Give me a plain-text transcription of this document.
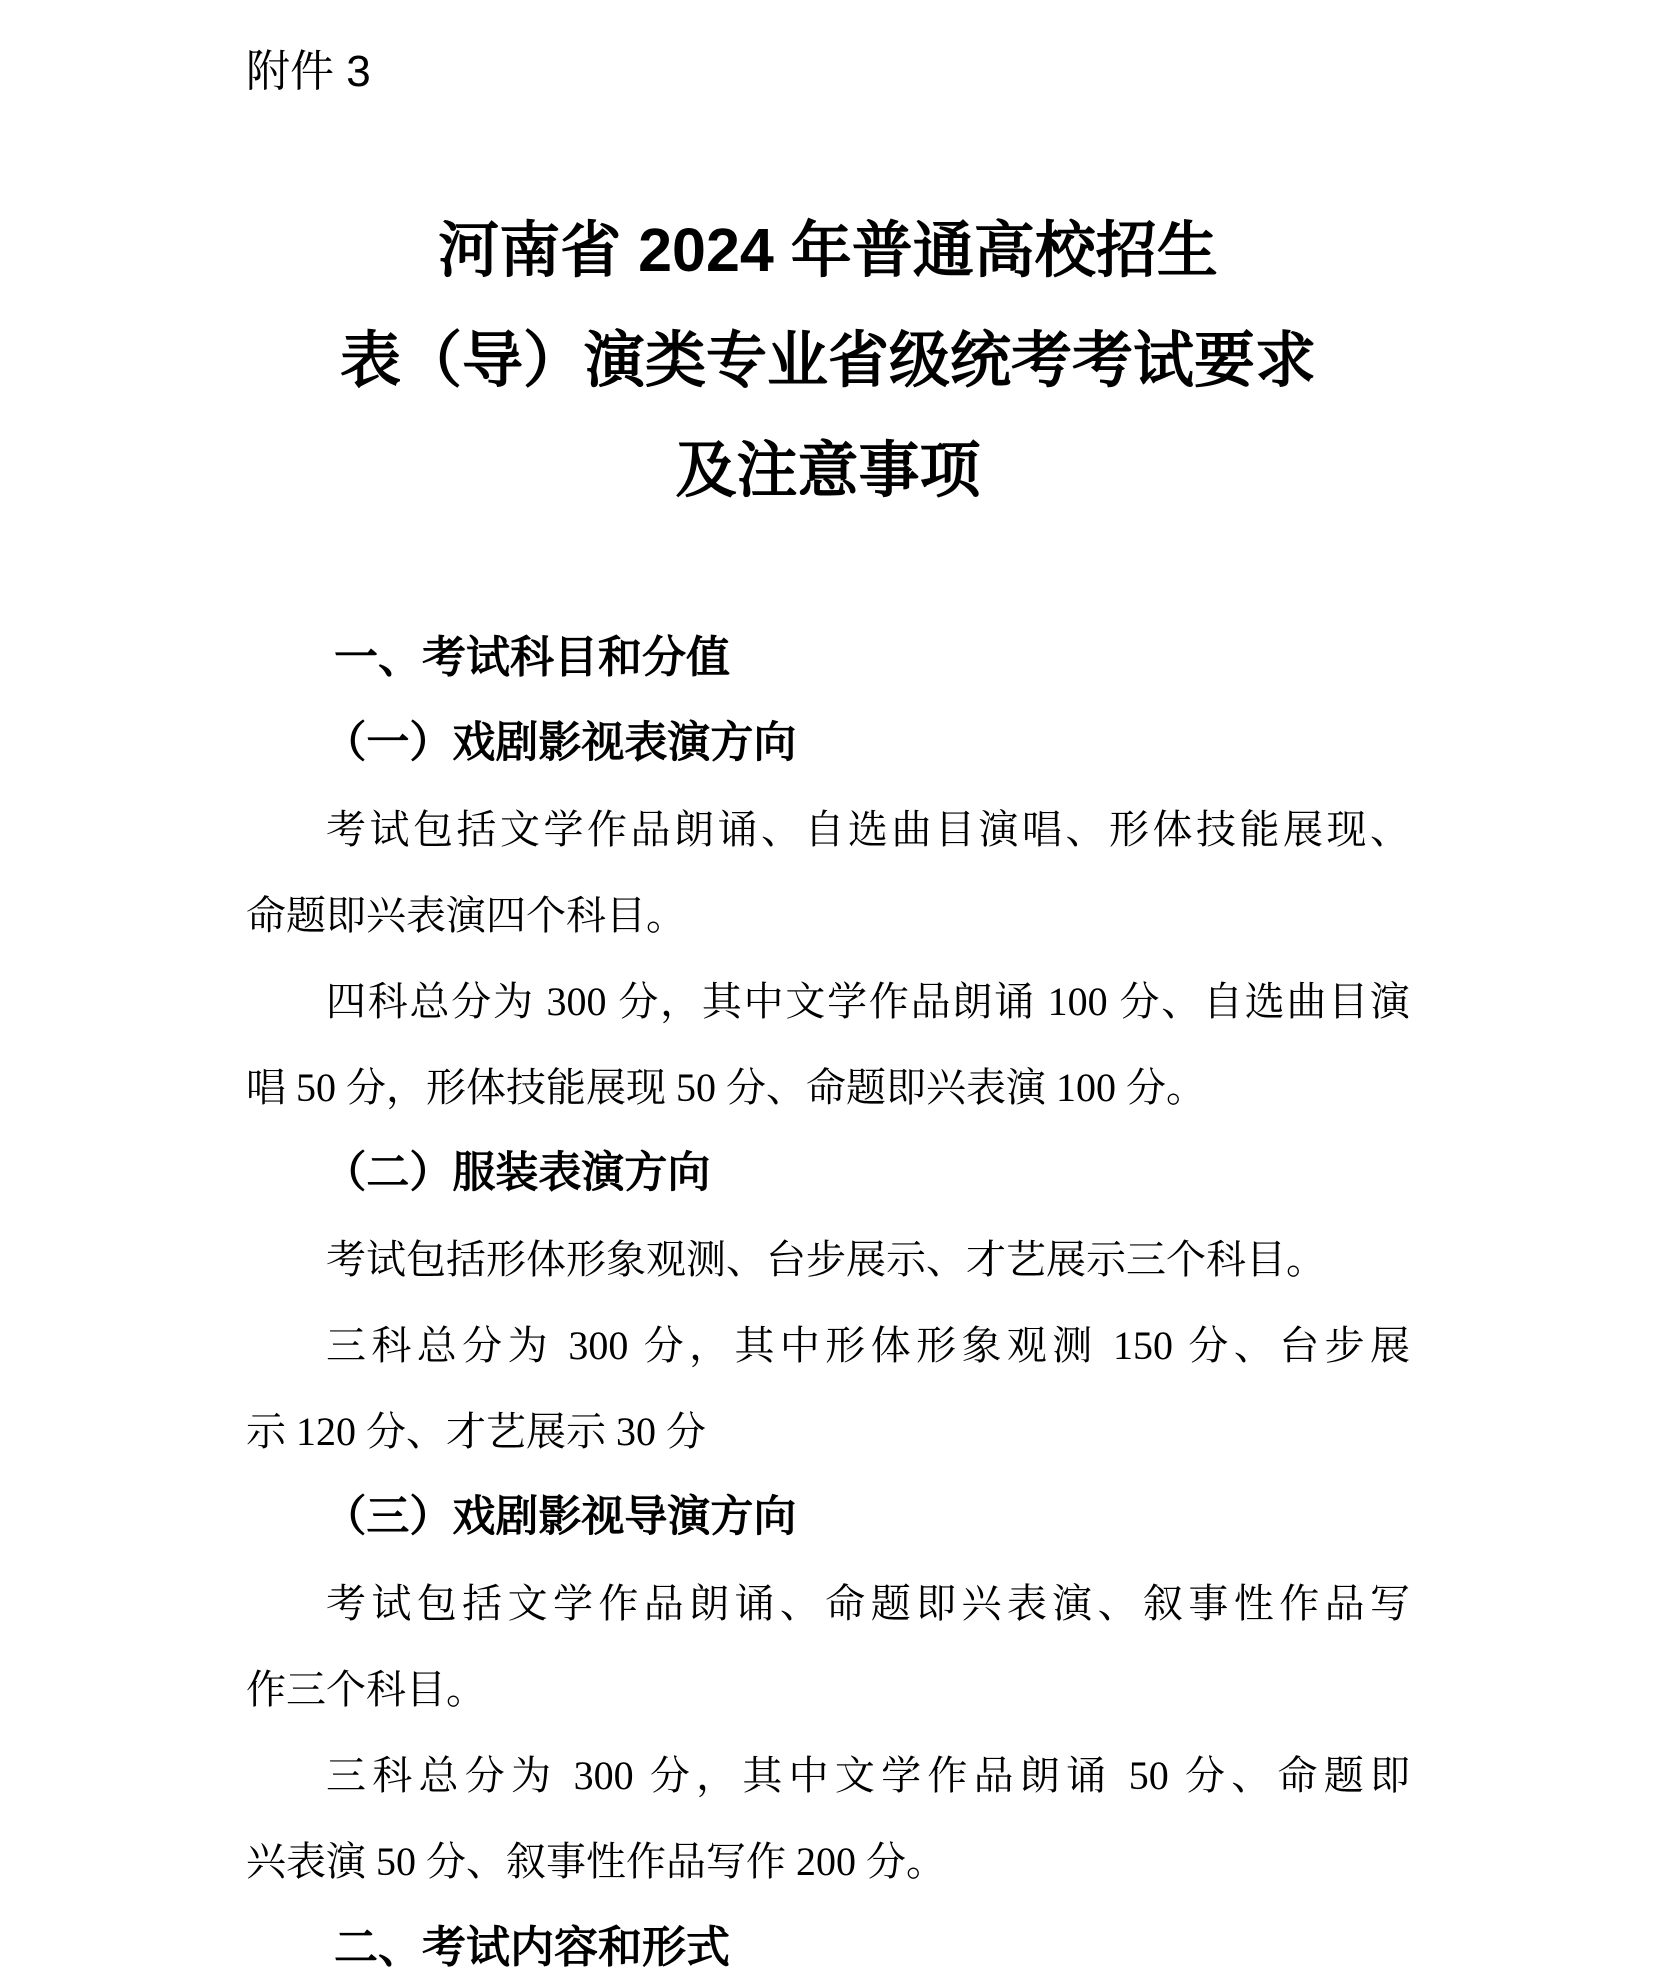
附件 3
河南省 2024 年普通高校招生
表（导）演类专业省级统考考试要求
及注意事项
一、考试科目和分值
（一）戏剧影视表演方向
考试包括文学作品朗诵、自选曲目演唱、形体技能展现、
命题即兴表演四个科目。
四科总分为 300 分，其中文学作品朗诵 100 分、自选曲目演
唱 50 分，形体技能展现 50 分、命题即兴表演 100 分。
（二）服装表演方向
考试包括形体形象观测、台步展示、才艺展示三个科目。
三科总分为 300 分，其中形体形象观测 150 分、台步展
示 120 分、才艺展示 30 分
（三）戏剧影视导演方向
考试包括文学作品朗诵、命题即兴表演、叙事性作品写
作三个科目。
三科总分为 300 分，其中文学作品朗诵 50 分、命题即
兴表演 50 分、叙事性作品写作 200 分。
二、考试内容和形式
